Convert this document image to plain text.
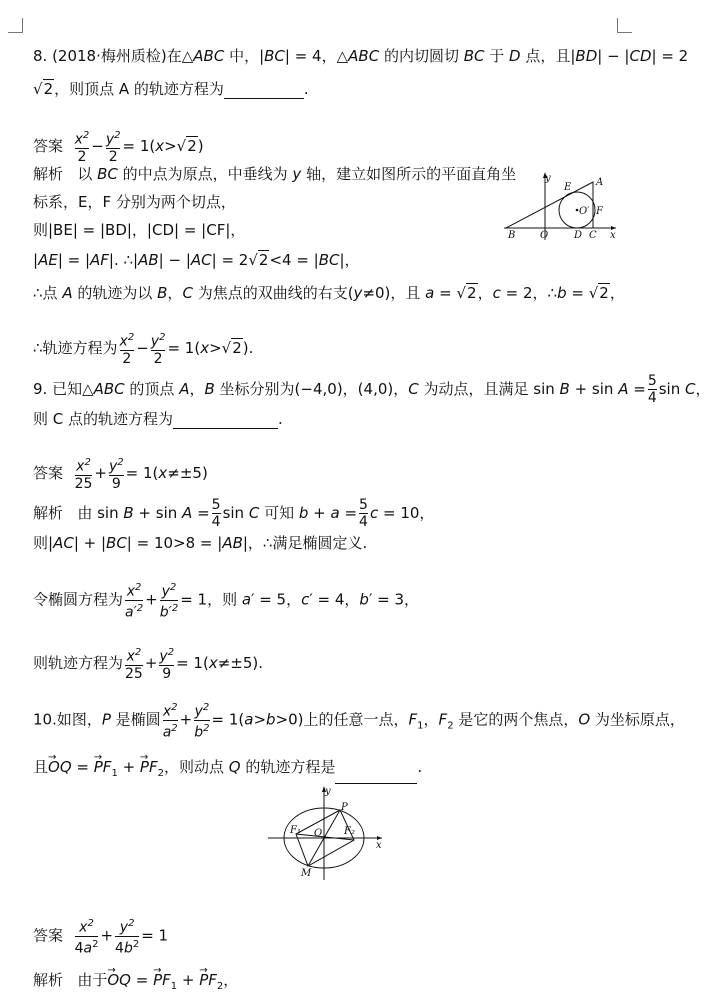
8. (2018·梅州质检)在△ABC 中，|BC| = 4，△ABC 的内切圆切 BC 于 D 点，且|BD| − |CD| = 2
√2，则顶点 A 的轨迹方程为	.
答案 $\frac{x^2}{2} - \frac{y^2}{2} = 1(x>√2)$
解析   以 BC 的中点为原点，中垂线为 y 轴，建立如图所示的平面直角坐
标系，E，F 分别为两个切点，
则|BE| = |BD|，|CD| = |CF|，
|AE| = |AF|. ∴|AB| − |AC| = 2√2<4 = |BC|，
∴点 A 的轨迹为以 B，C 为焦点的双曲线的右支(y≠0)，且 a = √2，c = 2，∴b = √2，
∴轨迹方程为 $\frac{x^2}{2} - \frac{y^2}{2} = 1(x>√2)$.
y
E A
F
O′
B O	D C x
9. 已知△ABC 的顶点 A，B 坐标分别为(−4,0)，(4,0)，C 为动点，且满足 $\sin B + \sin A = \frac{5}{4}$ sin C，
则 C 点的轨迹方程为	.
答案 $\frac{x^2}{25} + \frac{y^2}{9} = 1(x\ne\pm 5)$
解析   由 $\sin B + \sin A = \frac{5}{4}$ sin C 可知 $b + a = \frac{5}{4}$ c = 10，
则|AC| + |BC| = 10>8 = |AB|，∴满足椭圆定义.
令椭圆方程为 $\frac{x^2}{a'^2} + \frac{y^2}{b'^2} = 1$，则 a′ = 5，c′ = 4，b′ = 3，
则轨迹方程为 $\frac{x^2}{25} + \frac{y^2}{9} = 1(x\ne\pm 5)$.
10.如图，P 是椭圆 $\frac{x^2}{a^2} + \frac{y^2}{b^2} = 1(a>b>0)$上的任意一点，$F_1$，$F_2$ 是它的两个焦点，O 为坐标原点，
且→ OQ = → $PF_1$ + → $PF_2$，则动点 Q 的轨迹方程是	.
y
P
F₁ O F₂
x
M
答案 $\frac{x^2}{4a^2} + \frac{y^2}{4b^2} = 1$
解析   由于→ OQ = → $PF_1$ + → $PF_2$，
